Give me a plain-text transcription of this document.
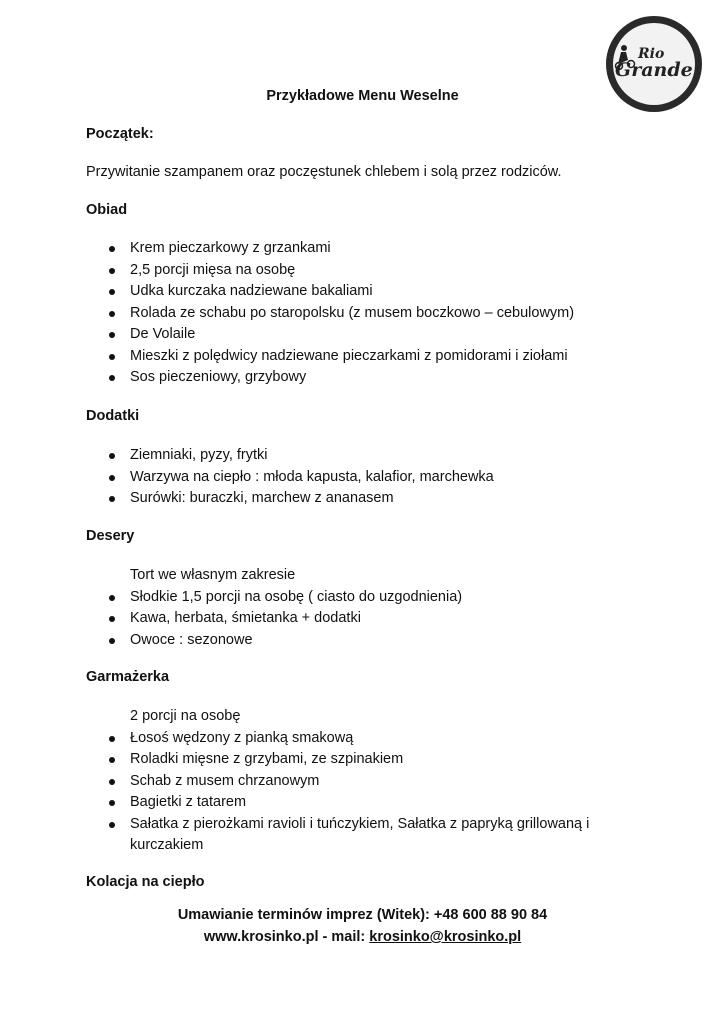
Rio
Grande
Przykładowe Menu Weselne
Początek:
Przywitanie szampanem oraz poczęstunek chlebem i solą przez rodziców.
Obiad
Krem pieczarkowy z grzankami
2,5 porcji mięsa na osobę
Udka kurczaka nadziewane bakaliami
Rolada ze schabu po staropolsku (z musem boczkowo – cebulowym)
De Volaile
Mieszki z polędwicy nadziewane pieczarkami z pomidorami i ziołami
Sos pieczeniowy, grzybowy
Dodatki
Ziemniaki, pyzy, frytki
Warzywa na ciepło : młoda kapusta, kalafior, marchewka
Surówki: buraczki, marchew z ananasem
Desery
Tort we własnym zakresie
Słodkie 1,5 porcji na osobę ( ciasto do uzgodnienia)
Kawa, herbata, śmietanka + dodatki
Owoce : sezonowe
Garmażerka
2 porcji na osobę
Łosoś wędzony z pianką smakową
Roladki mięsne z grzybami, ze szpinakiem
Schab z musem chrzanowym
Bagietki z tatarem
Sałatka z pierożkami ravioli i tuńczykiem, Sałatka z papryką grillowaną i kurczakiem
Kolacja na ciepło
Umawianie terminów imprez (Witek): +48 600 88 90 84
www.krosinko.pl - mail: krosinko@krosinko.pl
